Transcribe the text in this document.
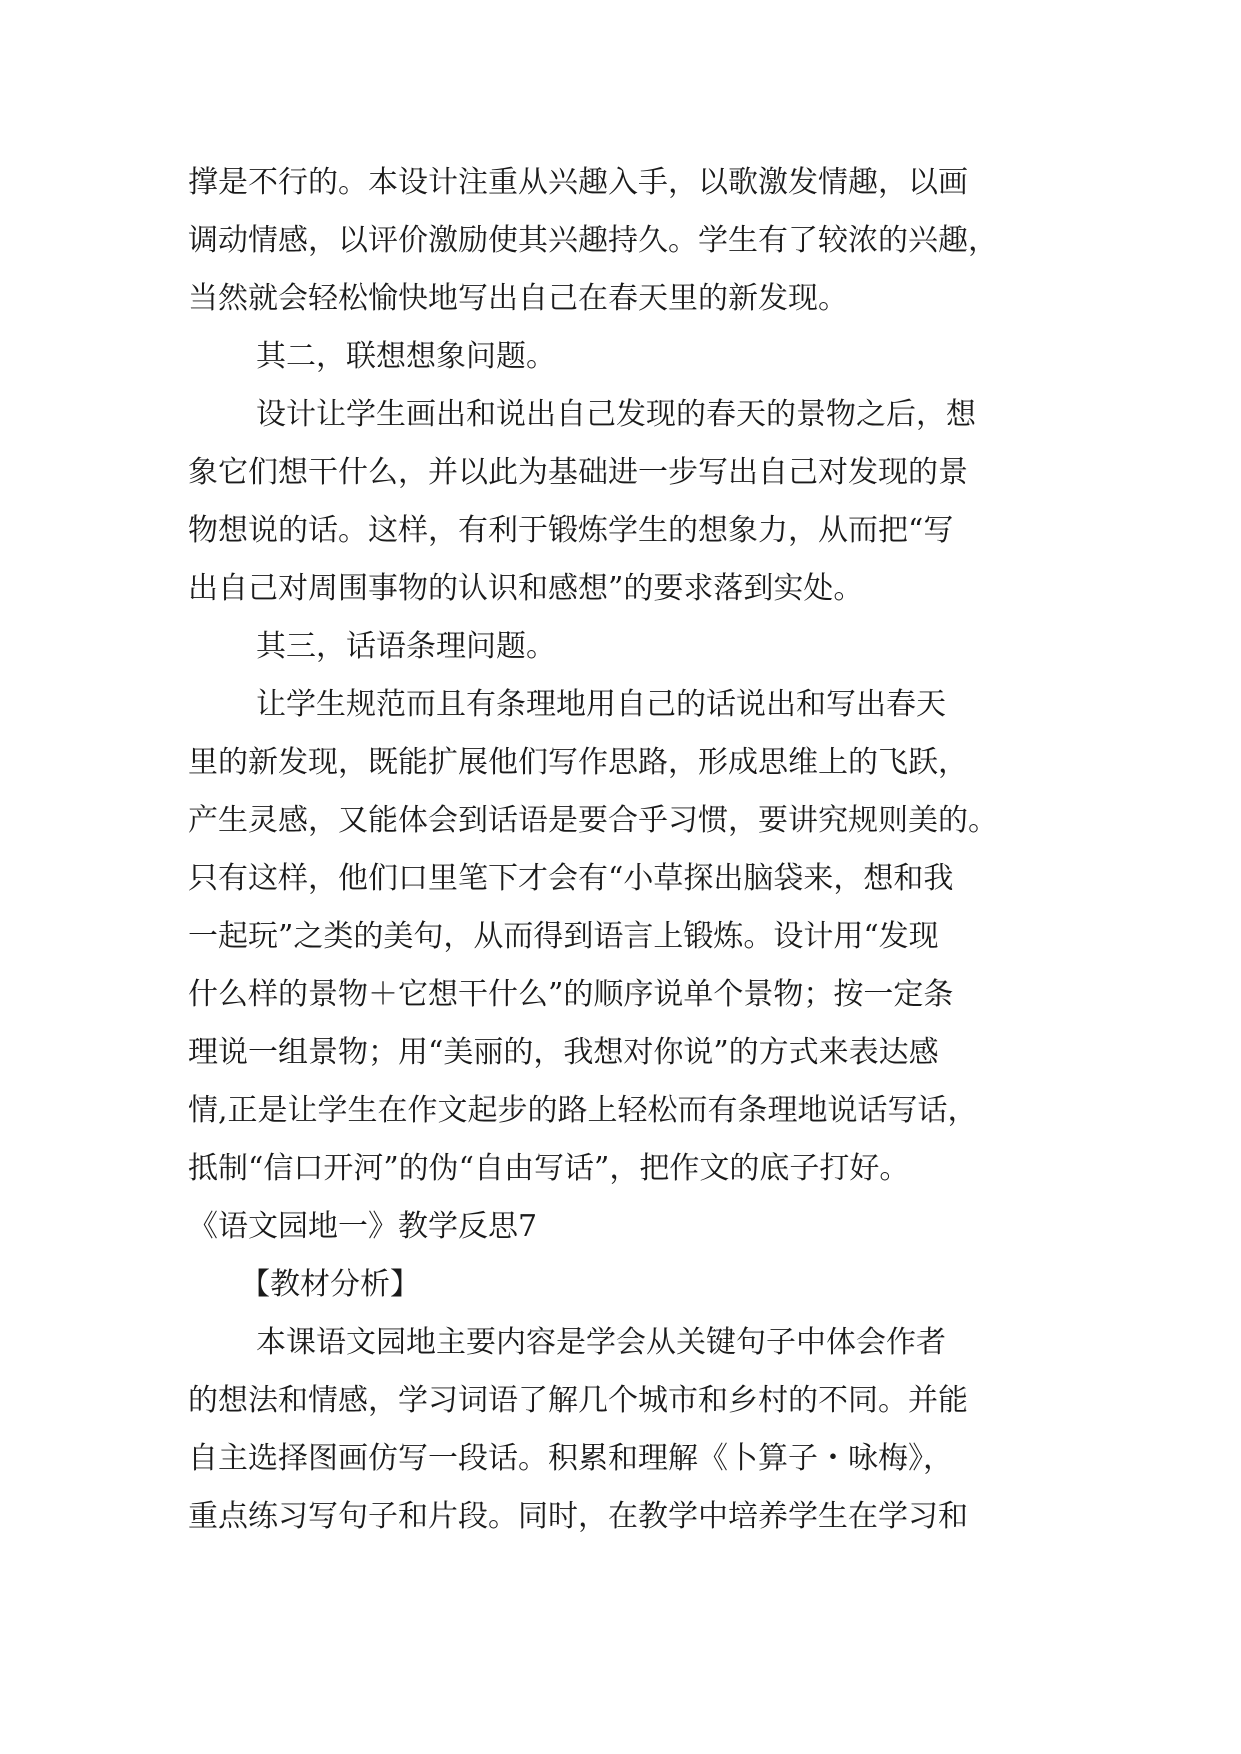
撑是不行的。本设计注重从兴趣入手，以歌激发情趣，以画
调动情感，以评价激励使其兴趣持久。学生有了较浓的兴趣，
当然就会轻松愉快地写出自己在春天里的新发现。
其二，联想想象问题。
设计让学生画出和说出自己发现的春天的景物之后，想
象它们想干什么，并以此为基础进一步写出自己对发现的景
物想说的话。这样，有利于锻炼学生的想象力，从而把“写
出自己对周围事物的认识和感想”的要求落到实处。
其三，话语条理问题。
让学生规范而且有条理地用自己的话说出和写出春天
里的新发现，既能扩展他们写作思路，形成思维上的飞跃，
产生灵感，又能体会到话语是要合乎习惯，要讲究规则美的。
只有这样，他们口里笔下才会有“小草探出脑袋来，想和我
一起玩”之类的美句，从而得到语言上锻炼。设计用“发现
什么样的景物＋它想干什么”的顺序说单个景物；按一定条
理说一组景物；用“美丽的，我想对你说”的方式来表达感
情,正是让学生在作文起步的路上轻松而有条理地说话写话，
抵制“信口开河”的伪“自由写话”，把作文的底子打好。
《语文园地一》教学反思7
【教材分析】
本课语文园地主要内容是学会从关键句子中体会作者
的想法和情感，学习词语了解几个城市和乡村的不同。并能
自主选择图画仿写一段话。积累和理解《卜算子・咏梅》，
重点练习写句子和片段。同时，在教学中培养学生在学习和
